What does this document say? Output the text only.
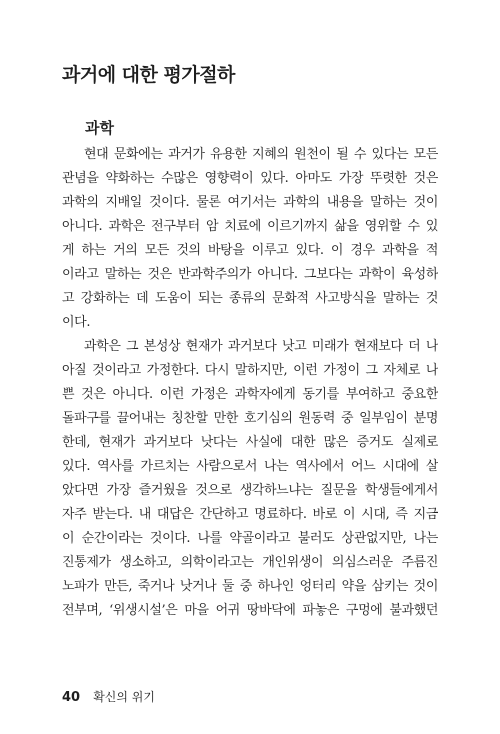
과거에 대한 평가절하
과학
현대 문화에는 과거가 유용한 지혜의 원천이 될 수 있다는 모든
관념을 약화하는 수많은 영향력이 있다. 아마도 가장 뚜렷한 것은
과학의 지배일 것이다. 물론 여기서는 과학의 내용을 말하는 것이
아니다. 과학은 전구부터 암 치료에 이르기까지 삶을 영위할 수 있
게 하는 거의 모든 것의 바탕을 이루고 있다. 이 경우 과학을 적
이라고 말하는 것은 반과학주의가 아니다. 그보다는 과학이 육성하
고 강화하는 데 도움이 되는 종류의 문화적 사고방식을 말하는 것
이다.
과학은 그 본성상 현재가 과거보다 낫고 미래가 현재보다 더 나
아질 것이라고 가정한다. 다시 말하지만, 이런 가정이 그 자체로 나
쁜 것은 아니다. 이런 가정은 과학자에게 동기를 부여하고 중요한
돌파구를 끌어내는 칭찬할 만한 호기심의 원동력 중 일부임이 분명
한데, 현재가 과거보다 낫다는 사실에 대한 많은 증거도 실제로
있다. 역사를 가르치는 사람으로서 나는 역사에서 어느 시대에 살
았다면 가장 즐거웠을 것으로 생각하느냐는 질문을 학생들에게서
자주 받는다. 내 대답은 간단하고 명료하다. 바로 이 시대, 즉 지금
이 순간이라는 것이다. 나를 약골이라고 불러도 상관없지만, 나는
진통제가 생소하고, 의학이라고는 개인위생이 의심스러운 주름진
노파가 만든, 죽거나 낫거나 둘 중 하나인 엉터리 약을 삼키는 것이
전부며, ‘위생시설’은 마을 어귀 땅바닥에 파놓은 구멍에 불과했던
40 확신의 위기
